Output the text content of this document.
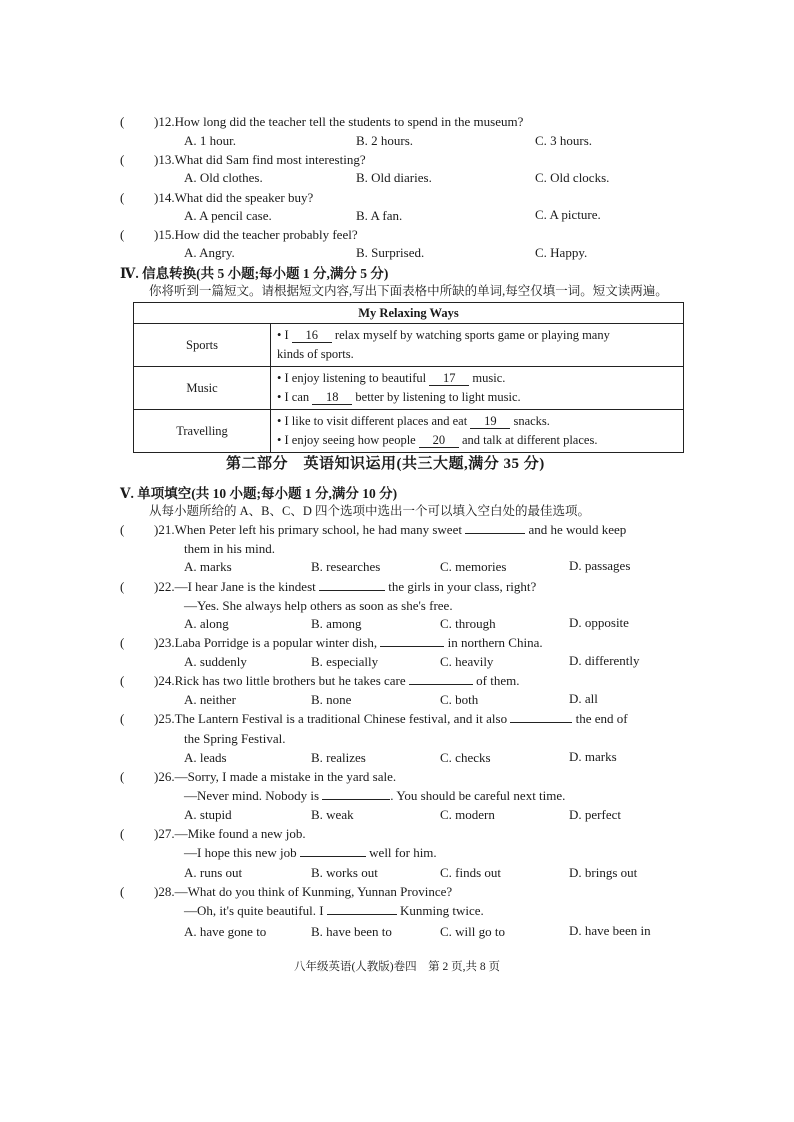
( )12.How long did the teacher tell the students to spend in the museum?
A. 1 hour.	B. 2 hours.	C. 3 hours.
( )13.What did Sam find most interesting?
A. Old clothes.	B. Old diaries.	C. Old clocks.
( )14.What did the speaker buy?
A. A pencil case.	B. A fan.	C. A picture.
( )15.How did the teacher probably feel?
A. Angry.	B. Surprised.	C. Happy.
Ⅳ. 信息转换(共 5 小题;每小题 1 分,满分 5 分)
你将听到一篇短文。请根据短文内容,写出下面表格中所缺的单词,每空仅填一词。短文读两遍。
My Relaxing Ways	
Sports	• I 16 relax myself by watching sports game or playing many
kinds of sports.

Music	• I enjoy listening to beautiful 17 music.
• I can 18 better by listening to light music.

Travelling	• I like to visit different places and eat 19 snacks.
• I enjoy seeing how people 20 and talk at different places.
第二部分　英语知识运用(共三大题,满分 35 分)
Ⅴ. 单项填空(共 10 小题;每小题 1 分,满分 10 分)
从每小题所给的 A、B、C、D 四个选项中选出一个可以填入空白处的最佳选项。
( )21.When Peter left his primary school, he had many sweet	and he would keep
them in his mind.
A. marks	B. researches	C. memories	D. passages
( )22.—I hear Jane is the kindest	the girls in your class, right?
—Yes. She always help others as soon as she's free.
A. along	B. among	C. through	D. opposite
( )23.Laba Porridge is a popular winter dish,	in northern China.
A. suddenly	B. especially	C. heavily	D. differently
( )24.Rick has two little brothers but he takes care	of them.
A. neither	B. none	C. both	D. all
( )25.The Lantern Festival is a traditional Chinese festival, and it also	the end of
the Spring Festival.
A. leads	B. realizes	C. checks	D. marks
( )26.—Sorry, I made a mistake in the yard sale.
—Never mind. Nobody is	. You should be careful next time.
A. stupid	B. weak	C. modern	D. perfect
( )27.—Mike found a new job.
—I hope this new job	well for him.
A. runs out	B. works out	C. finds out	D. brings out
( )28.—What do you think of Kunming, Yunnan Province?
—Oh, it's quite beautiful. I	Kunming twice.
A. have gone to	B. have been to	C. will go to	D. have been in
八年级英语(人教版)卷四　第 2 页,共 8 页
